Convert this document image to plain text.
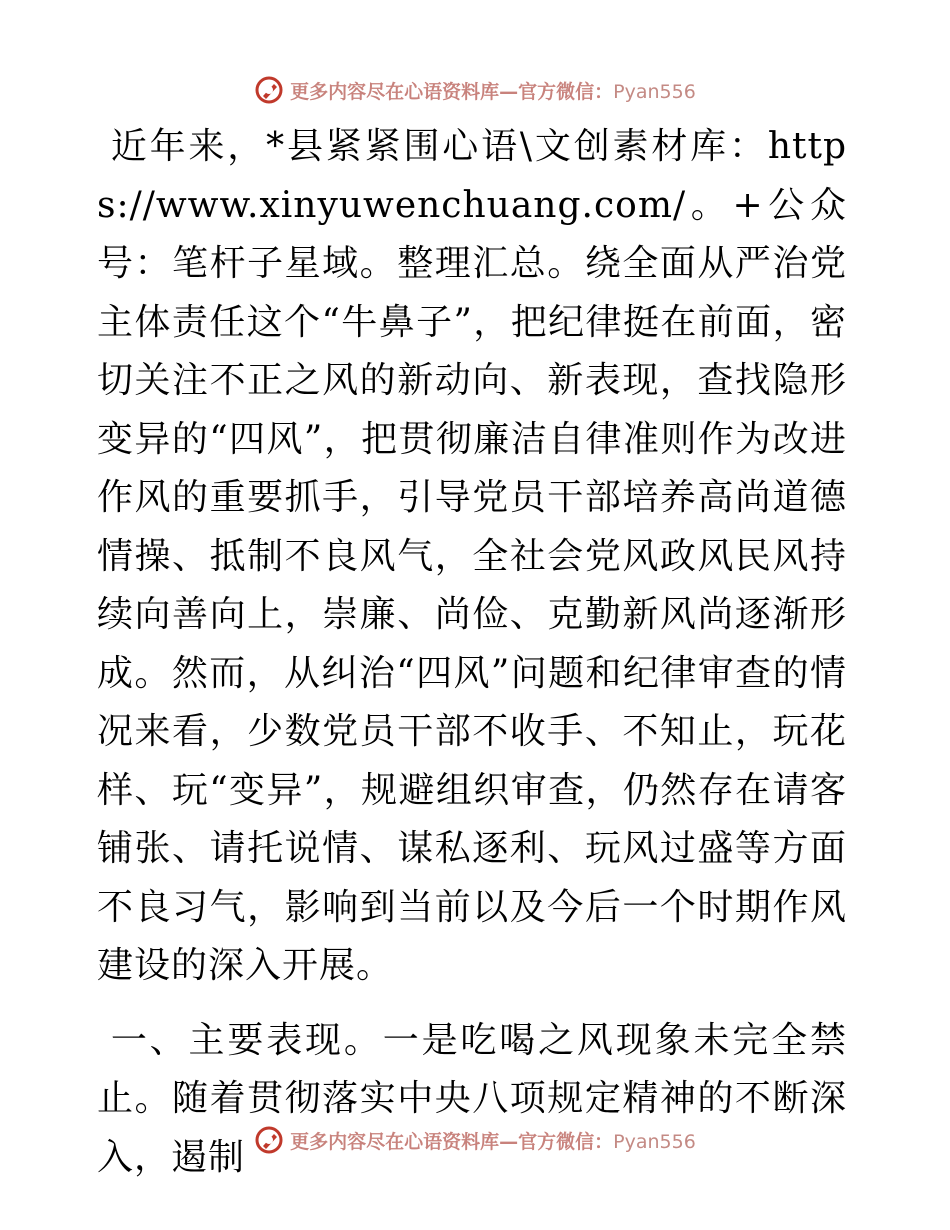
更多内容尽在心语资料库—官方微信：Pyan556

近年来，*县紧紧围心语\文创素材库：https://www.xinyuwenchuang.com/。+公众号：笔杆子星域。整理汇总。绕全面从严治党主体责任这个“牛鼻子”，把纪律挺在前面，密切关注不正之风的新动向、新表现，查找隐形变异的“四风”，把贯彻廉洁自律准则作为改进作风的重要抓手，引导党员干部培养高尚道德情操、抵制不良风气，全社会党风政风民风持续向善向上，崇廉、尚俭、克勤新风尚逐渐形成。然而，从纠治“四风”问题和纪律审查的情况来看，少数党员干部不收手、不知止，玩花样、玩“变异”，规避组织审查，仍然存在请客铺张、请托说情、谋私逐利、玩风过盛等方面不良习气，影响到当前以及今后一个时期作风建设的深入开展。

一、主要表现。一是吃喝之风现象未完全禁止。随着贯彻落实中央八项规定精神的不断深入，遏制	更多内容尽在心语资料库—官方微信：Pyan556
